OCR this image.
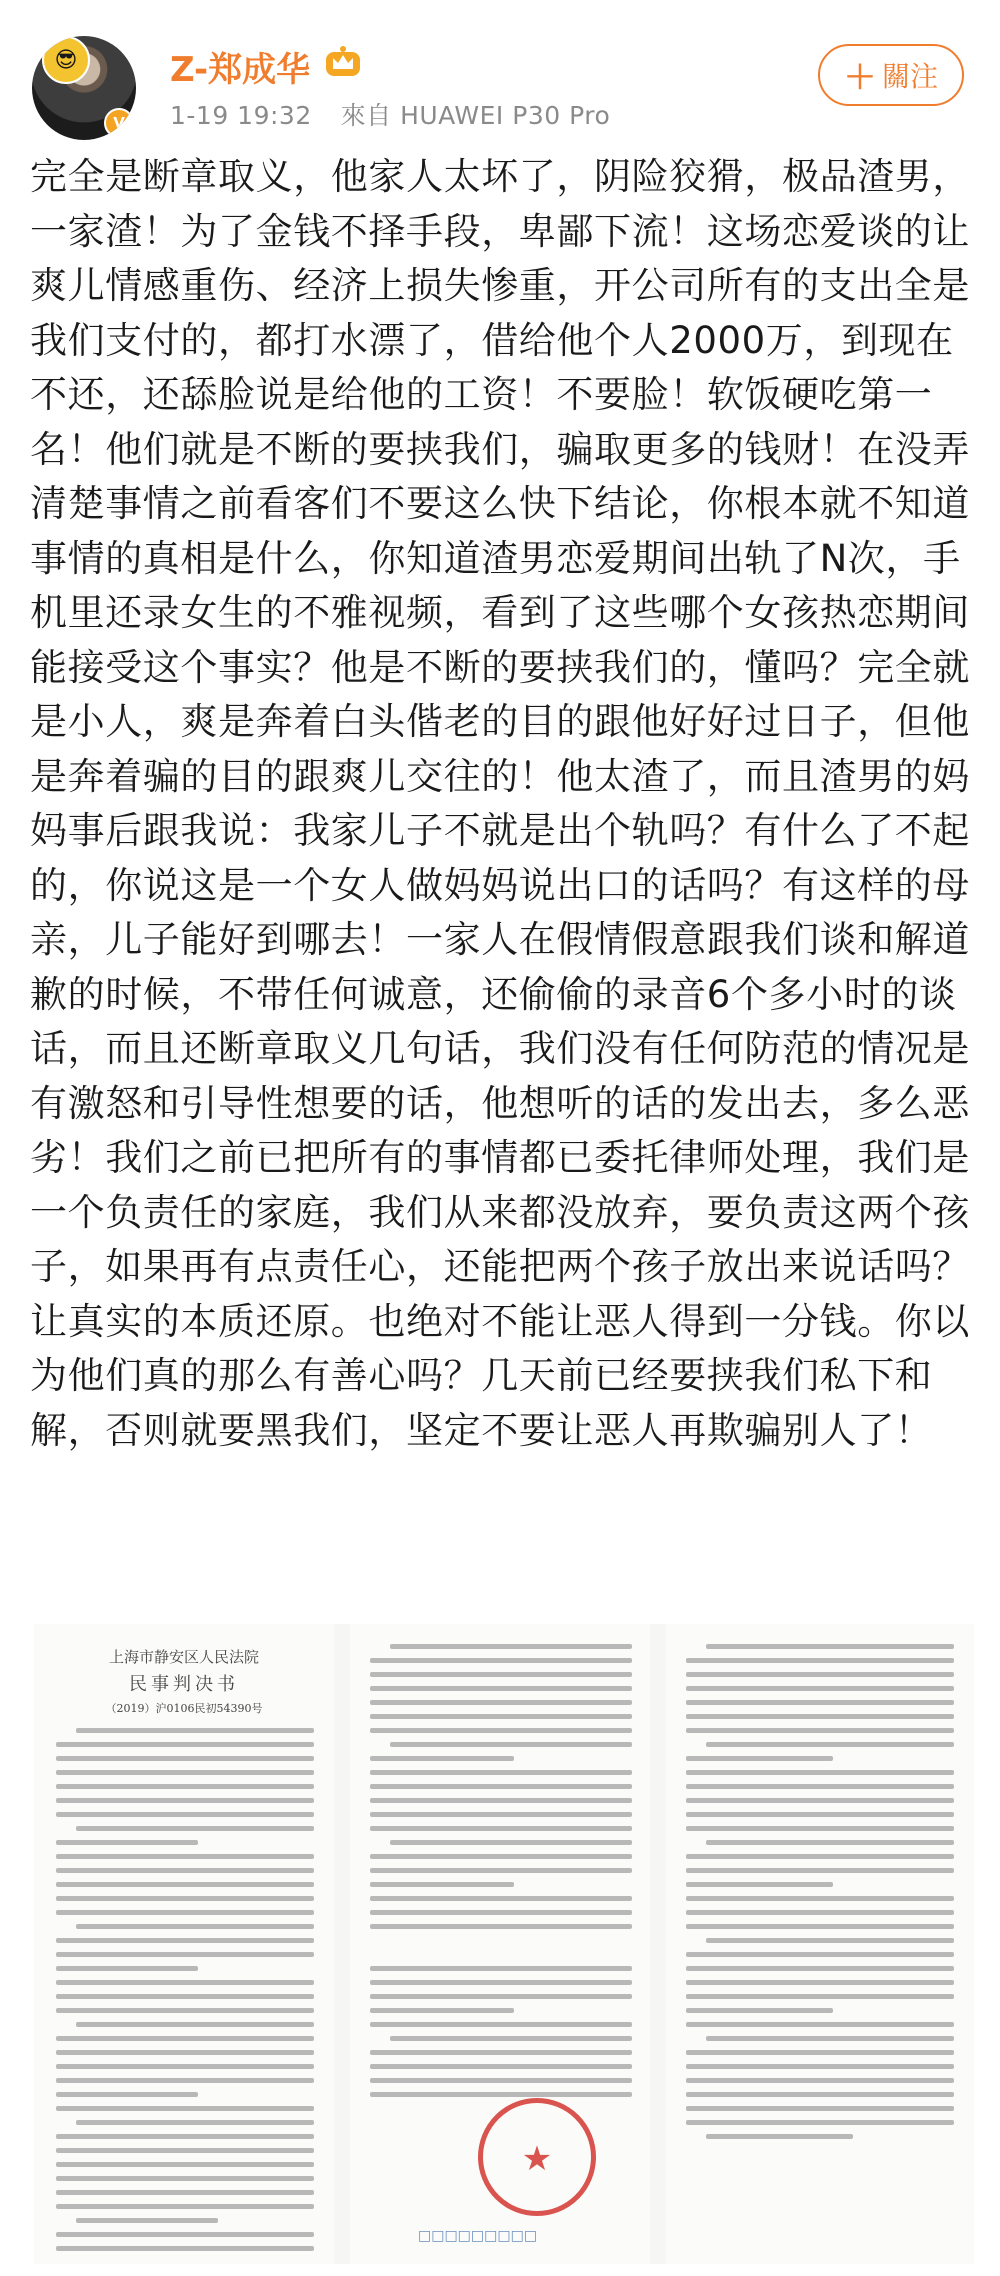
😎
V
Z-郑成华
1-19 19:32 來自 HUAWEI P30 Pro
＋ 關注
完全是断章取义，他家人太坏了，阴险狡猾，极品渣男，一家渣！为了金钱不择手段，卑鄙下流！这场恋爱谈的让爽儿情感重伤、经济上损失惨重，开公司所有的支出全是我们支付的，都打水漂了，借给他个人2000万，到现在不还，还舔脸说是给他的工资！不要脸！软饭硬吃第一名！他们就是不断的要挟我们，骗取更多的钱财！在没弄清楚事情之前看客们不要这么快下结论，你根本就不知道事情的真相是什么，你知道渣男恋爱期间出轨了N次，手机里还录女生的不雅视频，看到了这些哪个女孩热恋期间能接受这个事实？他是不断的要挟我们的，懂吗？完全就是小人，爽是奔着白头偕老的目的跟他好好过日子，但他是奔着骗的目的跟爽儿交往的！他太渣了，而且渣男的妈妈事后跟我说：我家儿子不就是出个轨吗？有什么了不起的，你说这是一个女人做妈妈说出口的话吗？有这样的母亲，儿子能好到哪去！一家人在假情假意跟我们谈和解道歉的时候，不带任何诚意，还偷偷的录音6个多小时的谈话，而且还断章取义几句话，我们没有任何防范的情况是有激怒和引导性想要的话，他想听的话的发出去，多么恶劣！我们之前已把所有的事情都已委托律师处理，我们是一个负责任的家庭，我们从来都没放弃，要负责这两个孩子，如果再有点责任心，还能把两个孩子放出来说话吗？让真实的本质还原。也绝对不能让恶人得到一分钱。你以为他们真的那么有善心吗？几天前已经要挟我们私下和解，否则就要黑我们，坚定不要让恶人再欺骗别人了！
上海市静安区人民法院
民事判决书
（2019）沪0106民初54390号
★
□□□□□□□□□
